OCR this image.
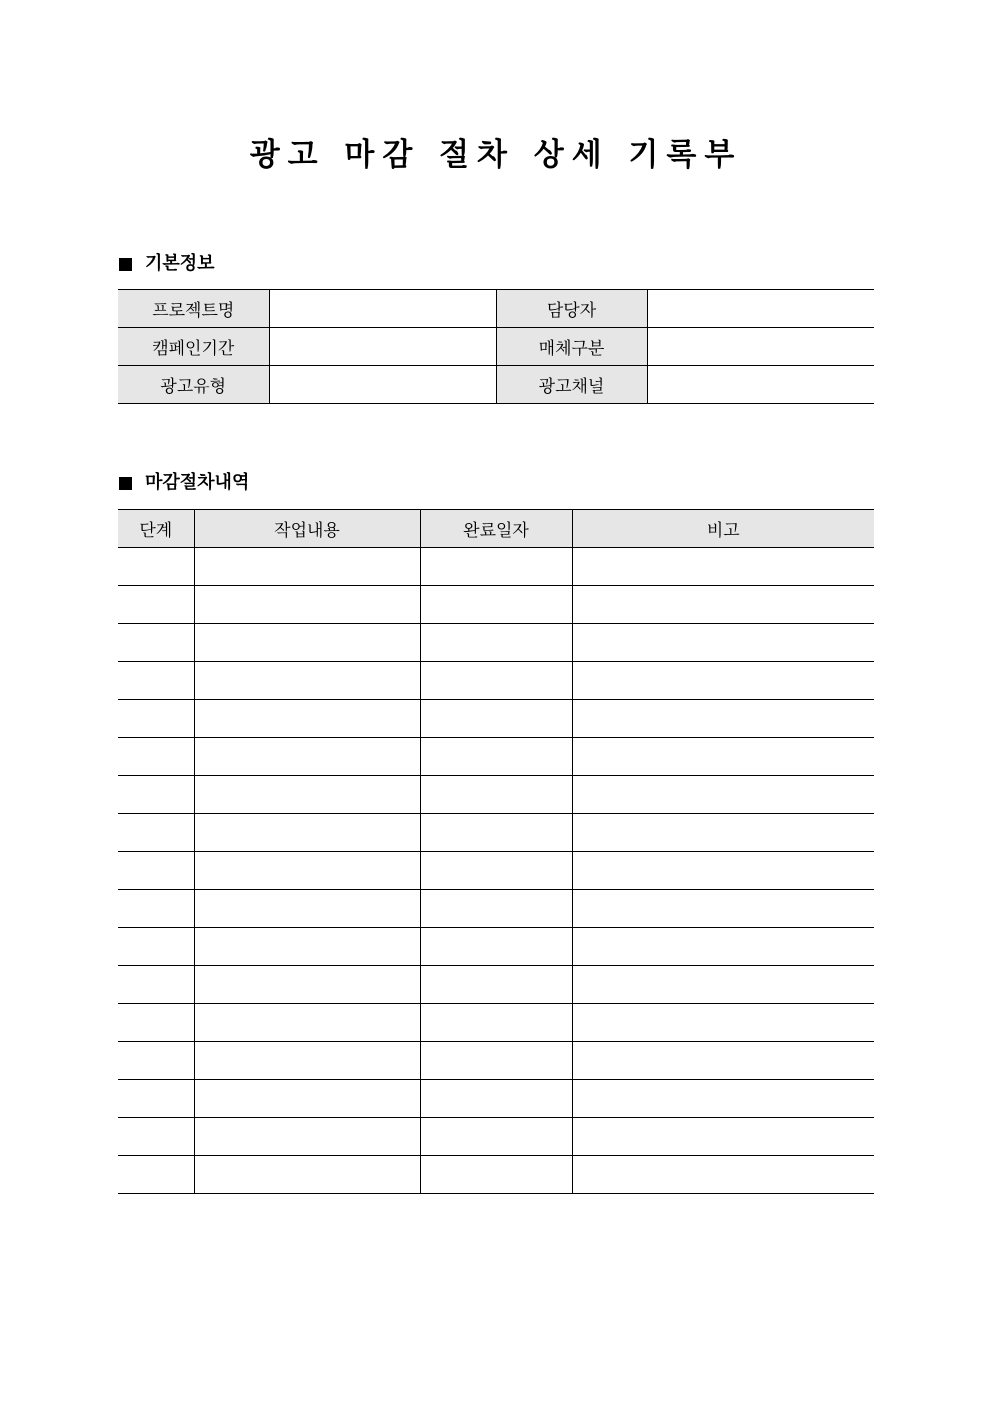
광고 마감 절차 상세 기록부
기본정보
프로젝트명		담당자	
캠페인기간		매체구분	
광고유형		광고채널	
마감절차내역
단계	작업내용	완료일자	비고
